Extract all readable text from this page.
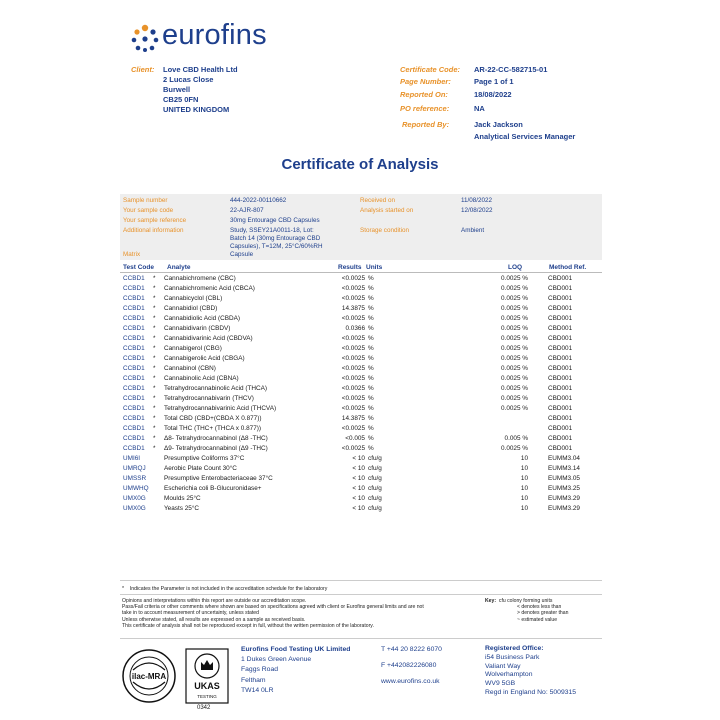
eurofins
Client: Love CBD Health Ltd
2 Lucas Close
Burwell
CB25 0FN
UNITED KINGDOM
Certificate Code: AR-22-CC-582715-01
Page Number:	Page 1 of 1
Reported On:	18/08/2022
PO reference:	NA
Reported By:	Jack Jackson
Analytical Services Manager
Certificate of Analysis
Sample number	444-2022-00110662
Your sample code	22-AJR-807
Your sample reference	30mg Entourage CBD Capsules
Additional information	Study, SSEY21A0011-18, Lot:
Batch 14 (30mg Entourage CBD
Capsules), T=12M, 25°C/60%RH
Matrix	Capsule
Received on	11/08/2022
Analysis started on	12/08/2022
Storage condition	Ambient
Test Code Analyte	Results Units	LOQ	Method Ref.
CCBD1 * Cannabichromene (CBC)	<0.0025 %	0.0025 %	CBD001
CCBD1 * Cannabichromenic Acid (CBCA)	<0.0025 %	0.0025 %	CBD001
CCBD1 * Cannabicyclol (CBL)	<0.0025 %	0.0025 %	CBD001
CCBD1 * Cannabidiol (CBD)	14.3875 %	0.0025 %	CBD001
CCBD1 * Cannabidiolic Acid (CBDA)	<0.0025 %	0.0025 %	CBD001
CCBD1 * Cannabidivarin (CBDV)	0.0366 %	0.0025 %	CBD001
CCBD1 * Cannabidivarinic Acid (CBDVA)	<0.0025 %	0.0025 %	CBD001
CCBD1 * Cannabigerol (CBG)	<0.0025 %	0.0025 %	CBD001
CCBD1 * Cannabigerolic Acid (CBGA)	<0.0025 %	0.0025 %	CBD001
CCBD1 * Cannabinol (CBN)	<0.0025 %	0.0025 %	CBD001
CCBD1 * Cannabinolic Acid (CBNA)	<0.0025 %	0.0025 %	CBD001
CCBD1 * Tetrahydrocannabinolic Acid (THCA)	<0.0025 %	0.0025 %	CBD001
CCBD1 * Tetrahydrocannabivarin (THCV)	<0.0025 %	0.0025 %	CBD001
CCBD1 * Tetrahydrocannabivarinic Acid (THCVA)	<0.0025 %	0.0025 %	CBD001
CCBD1 * Total CBD (CBD+(CBDA X 0.877))	14.3875 %	CBD001
CCBD1 * Total THC (THC+ (THCA x 0.877))	<0.0025 %	CBD001
CCBD1 * Δ8- Tetrahydrocannabinol (Δ8 -THC)	<0.005 %	0.005 %	CBD001
CCBD1 * Δ9- Tetrahydrocannabinol (Δ9 -THC)	<0.0025 %	0.0025 %	CBD001
UMI6I	Presumptive Coliforms 37°C	< 10 cfu/g	10	EUMM3.04
UMRQJ	Aerobic Plate Count 30°C	< 10 cfu/g	10	EUMM3.14
UMSSR	Presumptive Enterobacteriaceae 37°C	< 10 cfu/g	10	EUMM3.05
UMWHQ Escherichia coli B-Glucuronidase+	< 10 cfu/g	10	EUMM3.25
UMX0G	Moulds 25°C	< 10 cfu/g	10	EUMM3.29
UMX0G	Yeasts 25°C	< 10 cfu/g	10	EUMM3.29
* Indicates the Parameter is not included in the accreditation schedule for the laboratory
Opinions and interpretations within this report are outside our accreditation scope.
Pass/Fail criteria or other comments where shown are based on specifications agreed with client or Eurofins general limits and are not
take in to account measurement of uncertainty, unless stated
Unless otherwise stated, all results are expressed on a sample as received basis.
This certificate of analysis shall not be reproduced except in full, without the written permission of the laboratory.
Key: cfu colony forming units
< denotes less than
> denotes greater than
~ estimated value
ilac-MRA
UKAS
TESTING
0342
Eurofins Food Testing UK Limited
1 Dukes Green Avenue
Faggs Road
Feltham
TW14 0LR
T +44 20 8222 6070
F +442082226080
www.eurofins.co.uk
Registered Office:
i54 Business Park
Valiant Way
Wolverhampton
WV9 5GB
Regd in England No: 5009315
